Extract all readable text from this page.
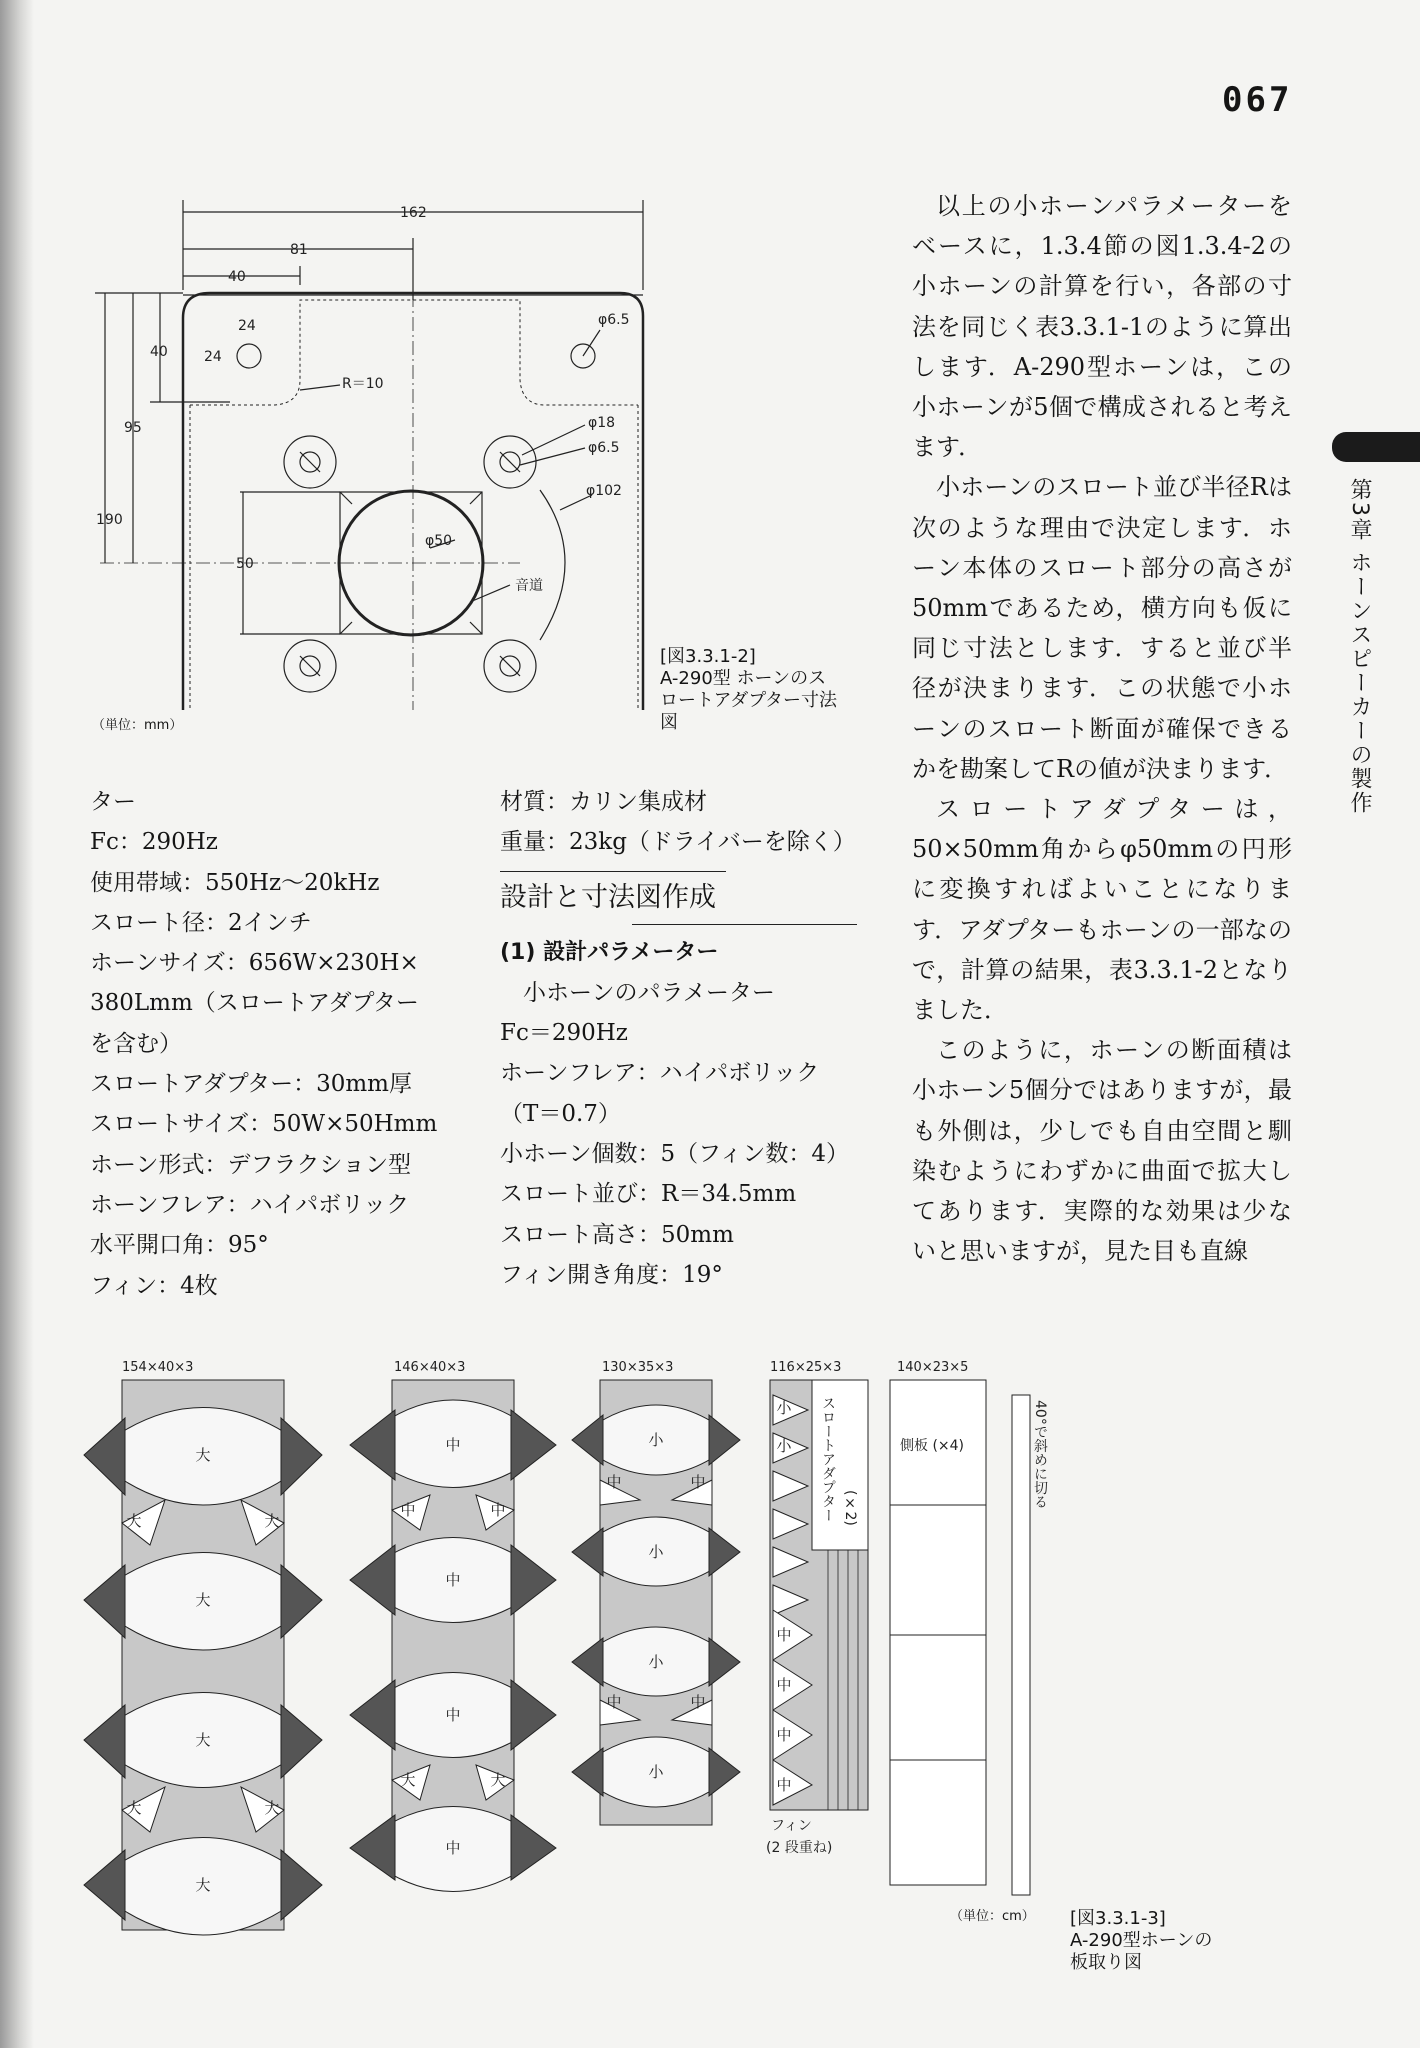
067
第3章 ホーンスピーカーの製作
162
81
40
24
24
40
95
190
50
φ6.5
φ18
φ6.5
φ102
φ50
R＝10
音道
（単位：mm）
[図3.3.1-2]
A-290型 ホーンのス
ロートアダプター寸法
図

以上の小ホーンパラメーターをベースに，1.3.4節の図1.3.4-2の小ホーンの計算を行い，各部の寸法を同じく表3.3.1-1のように算出します．A-290型ホーンは，この小ホーンが5個で構成されると考えます．

小ホーンのスロート並び半径Rは次のような理由で決定します．ホーン本体のスロート部分の高さが50mmであるため，横方向も仮に同じ寸法とします．すると並び半径が決まります．この状態で小ホーンのスロート断面が確保できるかを勘案してRの値が決まります．

スロートアダプターは，50×50mm角からφ50mmの円形に変換すればよいことになります．アダプターもホーンの一部なので，計算の結果，表3.3.1-2となりました．

このように，ホーンの断面積は小ホーン5個分ではありますが，最も外側は，少しでも自由空間と馴染むようにわずかに曲面で拡大してあります．実際的な効果は少ないと思いますが，見た目も直線

ター
Fc：290Hz
使用帯域：550Hz～20kHz
スロート径：2インチ
ホーンサイズ：656W×230H×
380Lmm（スロートアダプター
を含む）
スロートアダプター：30mm厚
スロートサイズ：50W×50Hmm
ホーン形式：デフラクション型
ホーンフレア：ハイパボリック
水平開口角：95°
フィン：4枚
材質：カリン集成材
重量：23kg（ドライバーを除く）
設計と寸法図作成
(1) 設計パラメーター
小ホーンのパラメーター
Fc＝290Hz
ホーンフレア：ハイパボリック
（T＝0.7）
小ホーン個数：5（フィン数：4）
スロート並び：R＝34.5mm
スロート高さ：50mm
フィン開き角度：19°
154×40×3	146×40×3	130×35×3	116×25×3	140×23×5
大
大
大
大
大	大
大	大
中
中
中
中
中	中
大	大
小
小
小
小
中	中
中	中
小
小
中
中
中
中
スロートアダプター (×2)
フィン
(2 段重ね)
側板 (×4)	40°で斜めに切る
（単位：cm） [図3.3.1-3]
A-290型ホーンの
板取り図
